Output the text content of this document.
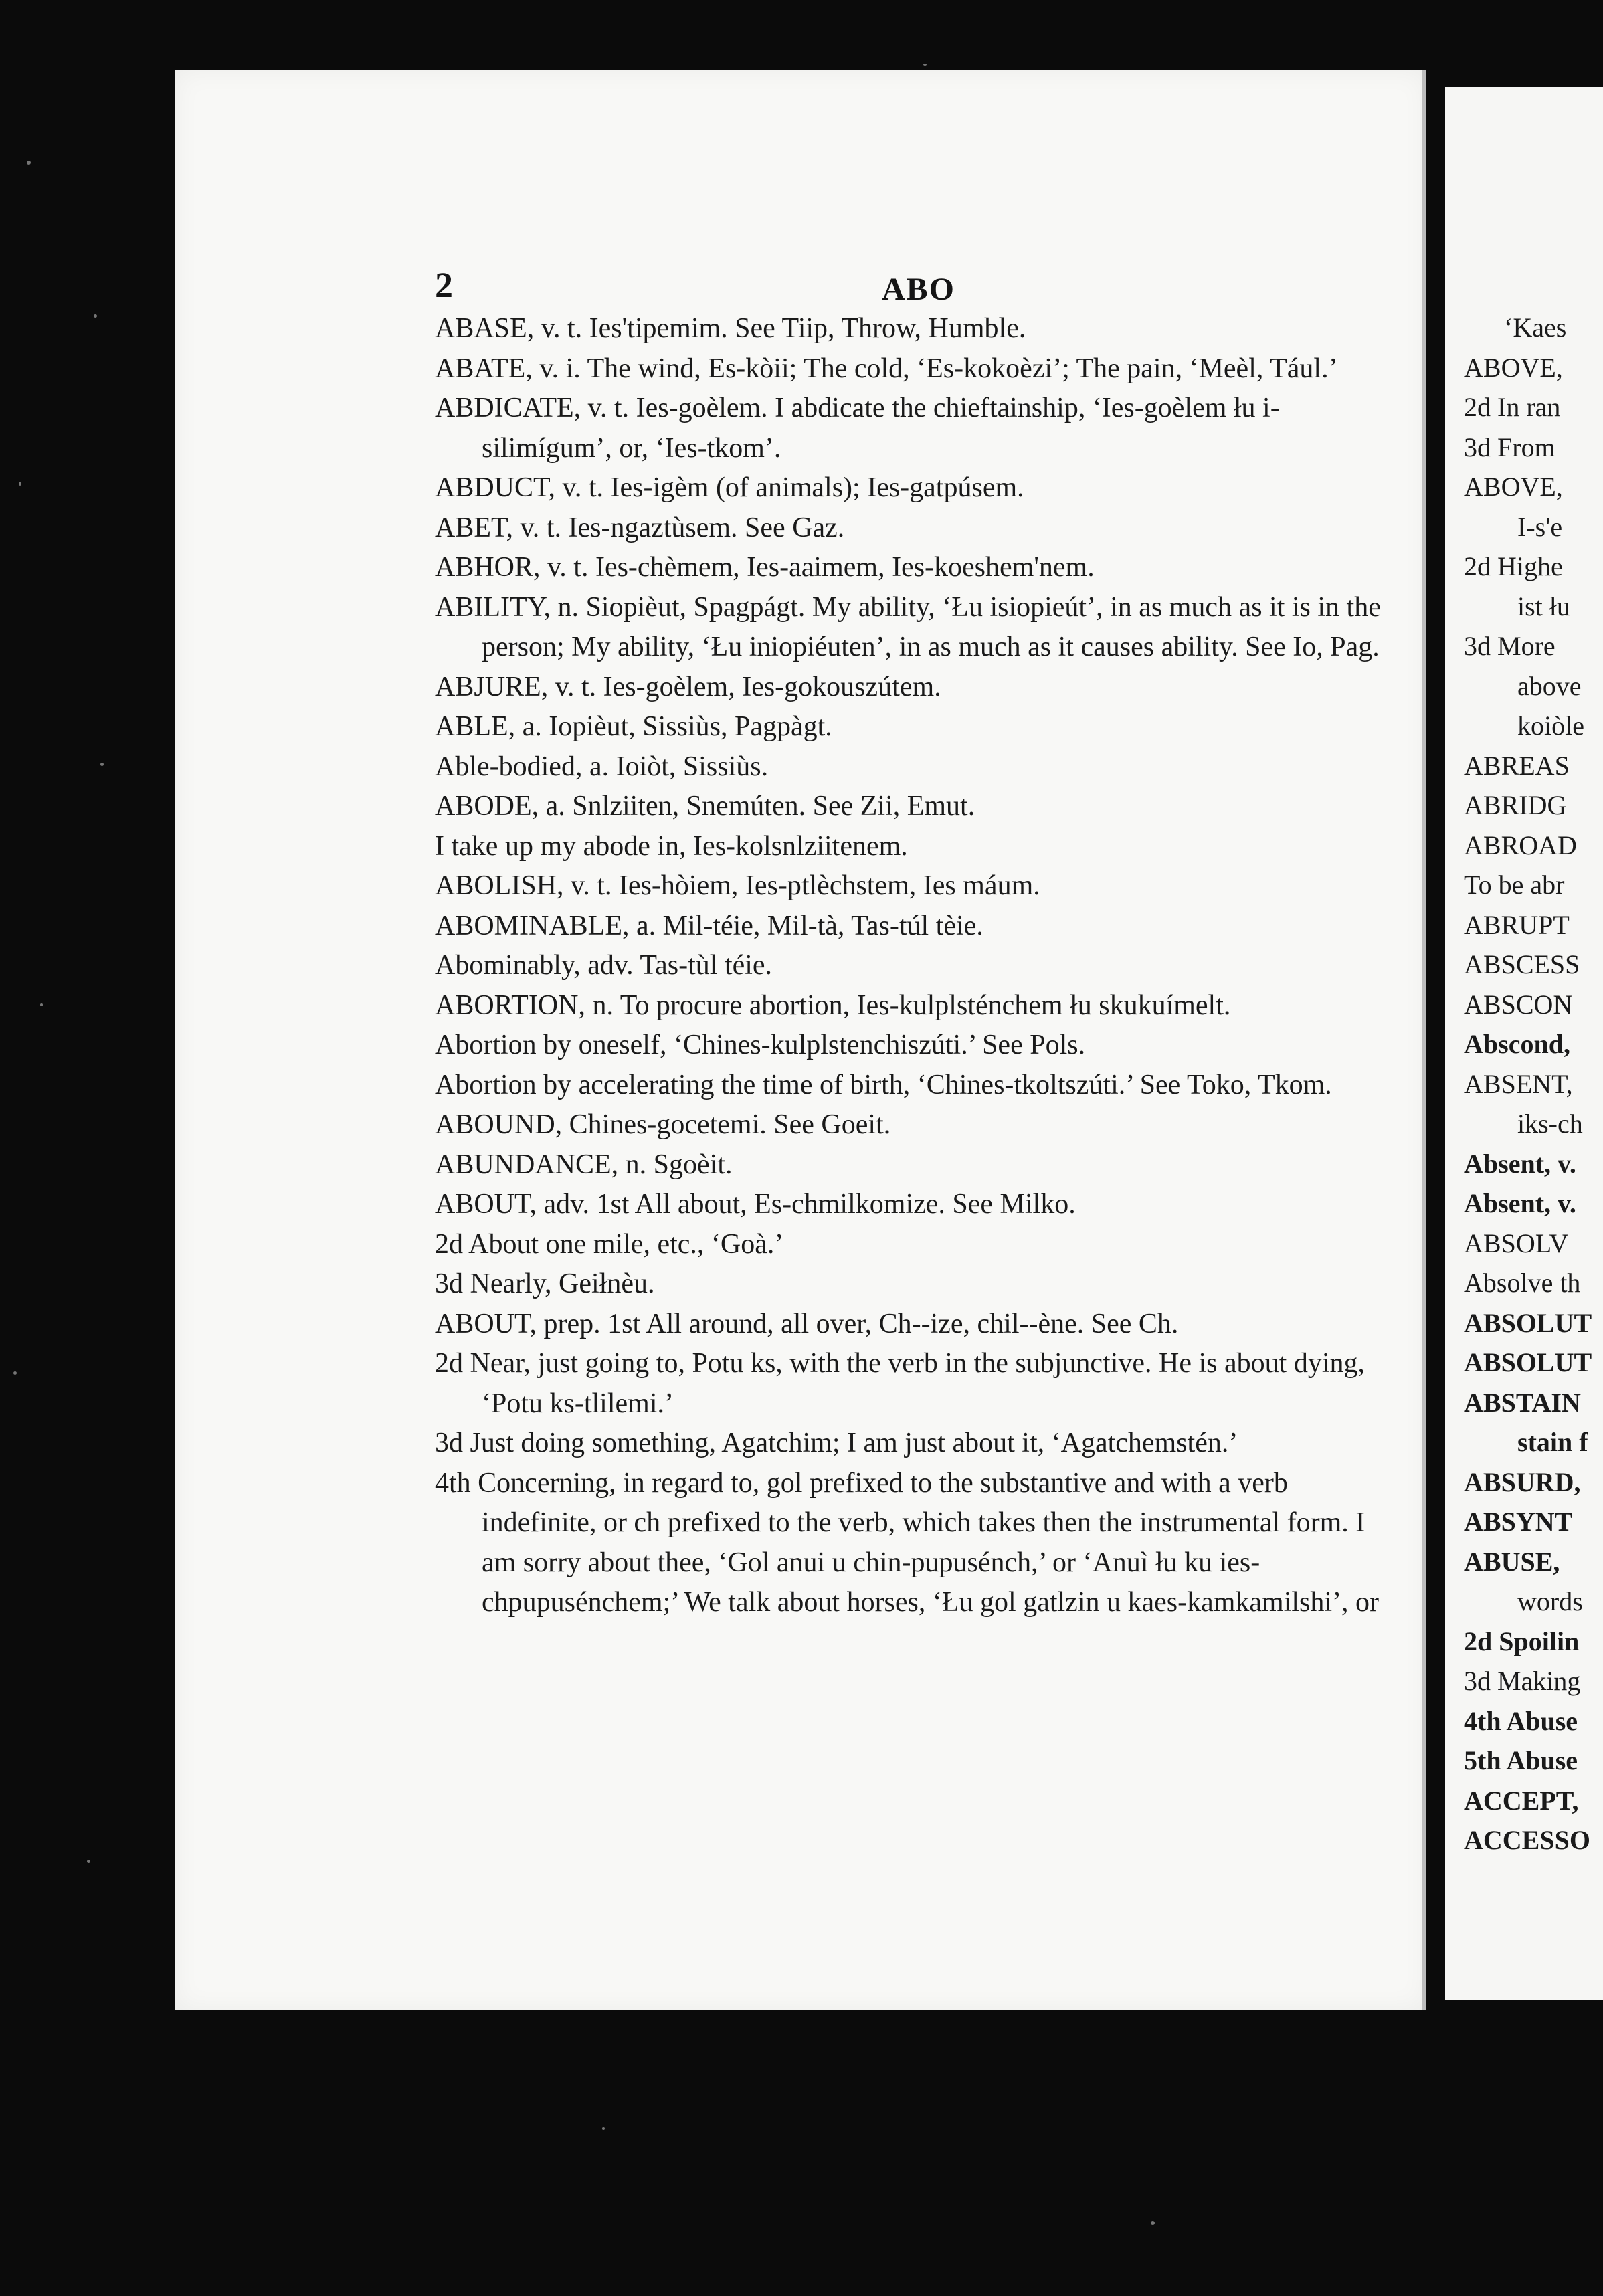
2	ABO

ABASE, v. t. Ies'tipemim. See Tiip, Throw, Humble.

ABATE, v. i. The wind, Es-kòii; The cold, ‘Es-kokoèzi’; The pain, ‘Meèl, Tául.’

ABDICATE, v. t. Ies-goèlem. I abdicate the chieftainship, ‘Ies-goèlem łu i-silimígum’, or, ‘Ies-tkom’.

ABDUCT, v. t. Ies-igèm (of animals); Ies-gatpúsem.

ABET, v. t. Ies-ngaztùsem. See Gaz.

ABHOR, v. t. Ies-chèmem, Ies-aaimem, Ies-koeshem'nem.

ABILITY, n. Siopièut, Spagpágt. My ability, ‘Łu isiopieút’, in as much as it is in the person; My ability, ‘Łu iniopiéuten’, in as much as it causes ability. See Io, Pag.

ABJURE, v. t. Ies-goèlem, Ies-gokouszútem.

ABLE, a. Iopièut, Sissiùs, Pagpàgt.

Able-bodied, a. Ioiòt, Sissiùs.

ABODE, a. Snlziiten, Snemúten. See Zii, Emut.

I take up my abode in, Ies-kolsnlziitenem.

ABOLISH, v. t. Ies-hòiem, Ies-ptlèchstem, Ies máum.

ABOMINABLE, a. Mil-téie, Mil-tà, Tas-túl tèie.

Abominably, adv. Tas-tùl téie.

ABORTION, n. To procure abortion, Ies-kulplsténchem łu skukuímelt.

Abortion by oneself, ‘Chines-kulplstenchiszúti.’ See Pols.

Abortion by accelerating the time of birth, ‘Chines-tkoltszúti.’ See Toko, Tkom.

ABOUND, Chines-gocetemi. See Goeit.

ABUNDANCE, n. Sgoèit.

ABOUT, adv. 1st All about, Es-chmilkomize. See Milko.

2d About one mile, etc., ‘Goà.’

3d Nearly, Geiłnèu.

ABOUT, prep. 1st All around, all over, Ch--ize, chil--ène. See Ch.

2d Near, just going to, Potu ks, with the verb in the subjunctive. He is about dying, ‘Potu ks-tlilemi.’

3d Just doing something, Agatchim; I am just about it, ‘Agatchemstén.’

4th Concerning, in regard to, gol prefixed to the substantive and with a verb indefinite, or ch prefixed to the verb, which takes then the instrumental form. I am sorry about thee, ‘Gol anui u chin-pupusénch,’ or ‘Anuì łu ku ies-chpupusénchem;’ We talk about horses, ‘Łu gol gatlzin u kaes-kamkamilshi’, or

‘Kaes
ABOVE,
2d In ran
3d From
ABOVE,
I-s'e
2d Highe
ist łu
3d More
above
koiòle
ABREAS
ABRIDG
ABROAD
To be abr
ABRUPT
ABSCESS
ABSCON
Abscond,
ABSENT,
iks-ch
Absent, v.
Absent, v.
ABSOLV
Absolve th
ABSOLUT
ABSOLUT
ABSTAIN
stain f
ABSURD,
ABSYNT
ABUSE,
words
2d Spoilin
3d Making
4th Abuse
5th Abuse
ACCEPT,
ACCESSO
